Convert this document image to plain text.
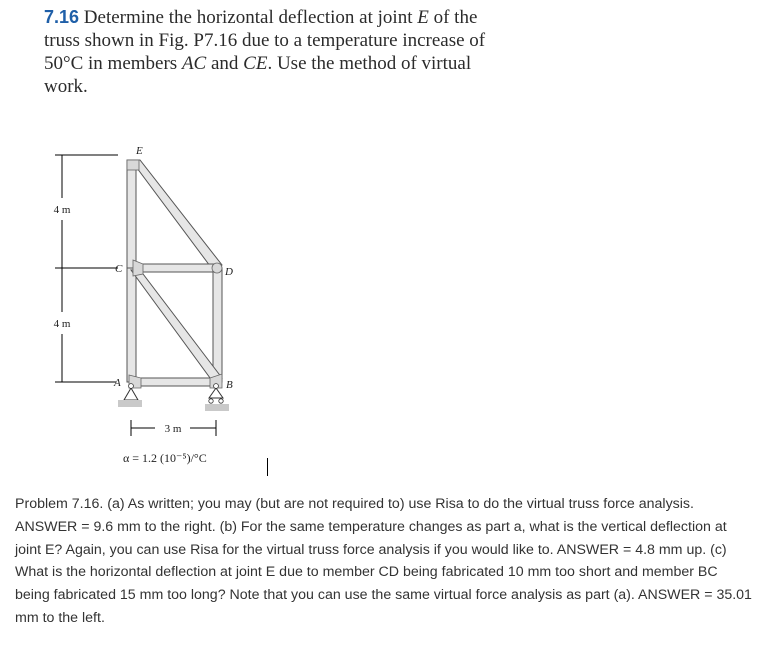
7.16 Determine the horizontal deflection at joint E of the
truss shown in Fig. P7.16 due to a temperature increase of
50°C in members AC and CE. Use the method of virtual
work.
4 m
4 m
E
C	D
A	B
3 m
α = 1.2 (10⁻⁵)/°C

Problem 7.16. (a) As written; you may (but are not required to) use Risa to do the virtual truss force analysis. ANSWER = 9.6 mm to the right. (b) For the same temperature changes as part a, what is the vertical deflection at joint E? Again, you can use Risa for the virtual truss force analysis if you would like to. ANSWER = 4.8 mm up. (c) What is the horizontal deflection at joint E due to member CD being fabricated 10 mm too short and member BC being fabricated 15 mm too long? Note that you can use the same virtual force analysis as part (a). ANSWER = 35.01 mm to the left.
